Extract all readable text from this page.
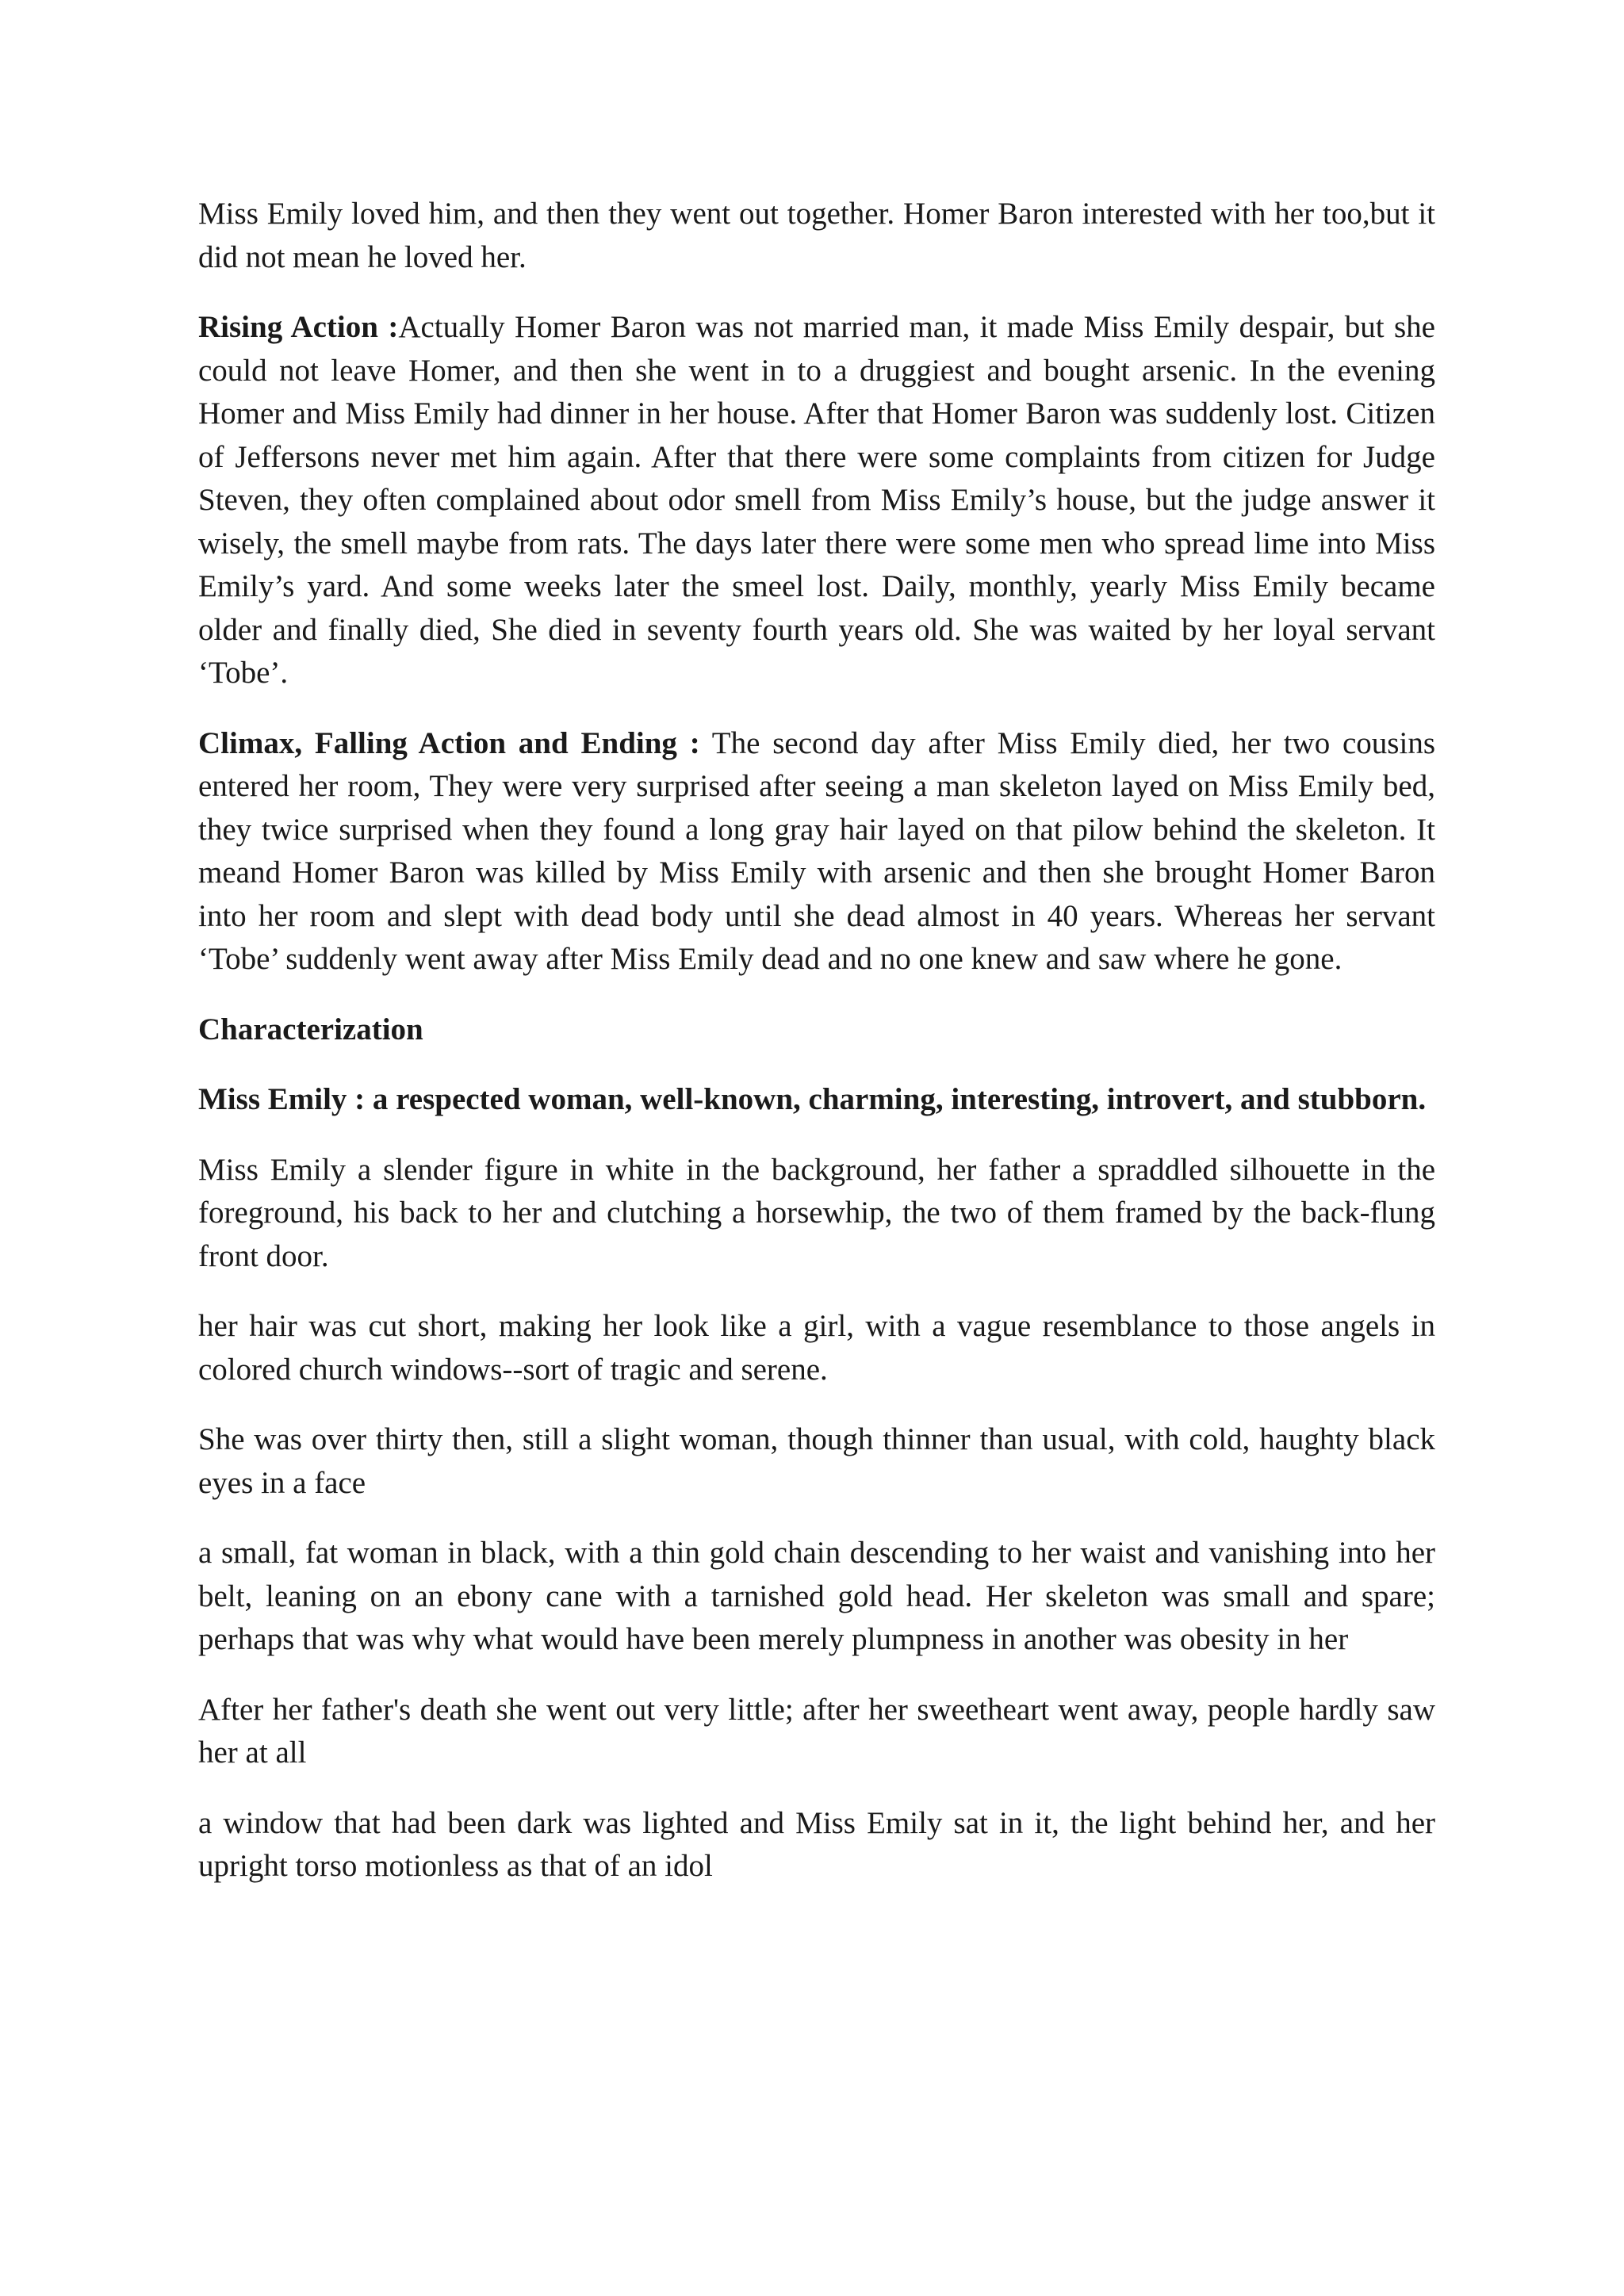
Miss Emily loved him, and then they went out together. Homer Baron interested with her too,but it did not mean he loved her.

Rising Action :Actually Homer Baron was not married man, it made Miss Emily despair, but she could not leave Homer, and then she went in to a druggiest and bought arsenic. In the evening Homer and Miss Emily had dinner in her house. After that Homer Baron was suddenly lost. Citizen of Jeffersons never met him again. After that there were some complaints from citizen for Judge Steven, they often complained about odor smell from Miss Emily’s house, but the judge answer it wisely, the smell maybe from rats. The days later there were some men who spread lime into Miss Emily’s yard. And some weeks later the smeel lost. Daily, monthly, yearly Miss Emily became older and finally died, She died in seventy fourth years old. She was waited by her loyal servant ‘Tobe’.

Climax, Falling Action and Ending : The second day after Miss Emily died, her two cousins entered her room, They were very surprised after seeing a man skeleton layed on Miss Emily bed, they twice surprised when they found a long gray hair layed on that pilow behind the skeleton. It meand Homer Baron was killed by Miss Emily with arsenic and then she brought Homer Baron into her room and slept with dead body until she dead almost in 40 years. Whereas her servant ‘Tobe’ suddenly went away after Miss Emily dead and no one knew and saw where he gone.

Characterization

Miss Emily : a respected woman, well-known, charming, interesting, introvert, and stubborn.

Miss Emily a slender figure in white in the background, her father a spraddled silhouette in the foreground, his back to her and clutching a horsewhip, the two of them framed by the back-flung front door.

her hair was cut short, making her look like a girl, with a vague resemblance to those angels in colored church windows--sort of tragic and serene.

She was over thirty then, still a slight woman, though thinner than usual, with cold, haughty black eyes in a face

a small, fat woman in black, with a thin gold chain descending to her waist and vanishing into her belt, leaning on an ebony cane with a tarnished gold head. Her skeleton was small and spare; perhaps that was why what would have been merely plumpness in another was obesity in her

After her father's death she went out very little; after her sweetheart went away, people hardly saw her at all

a window that had been dark was lighted and Miss Emily sat in it, the light behind her, and her upright torso motionless as that of an idol
